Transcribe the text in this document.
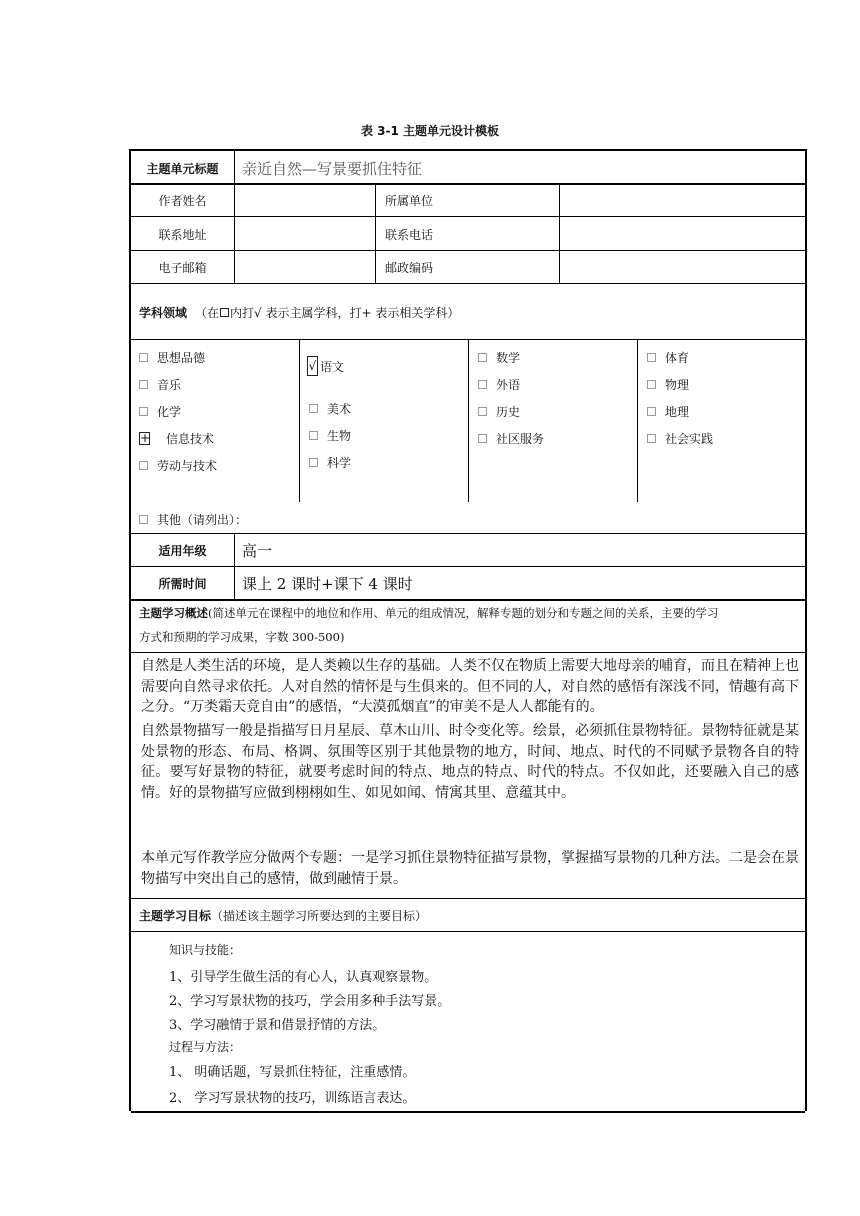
表 3-1 主题单元设计模板
主题单元标题	亲近自然—写景要抓住特征
作者姓名	所属单位
联系地址	联系电话
电子邮箱	邮政编码
学科领域 （在 内打√ 表示主属学科，打+ 表示相关学科）
思想品德
音乐
化学
+ 信息技术
劳动与技术
√ 语文
美术
生物
科学
数学
外语
历史
社区服务
体育
物理
地理
社会实践
其他（请列出）：
适用年级	高一
所需时间	课上 2 课时+课下 4 课时
主题学习概述(简述单元在课程中的地位和作用、单元的组成情况，解释专题的划分和专题之间的关系，主要的学习
方式和预期的学习成果，字数 300-500)
自然是人类生活的环境，是人类赖以生存的基础。人类不仅在物质上需要大地母亲的哺育，而且在精神上也需要向自然寻求依托。人对自然的情怀是与生俱来的。但不同的人，对自然的感悟有深浅不同，情趣有高下之分。“万类霜天竞自由”的感悟，“大漠孤烟直”的审美不是人人都能有的。
自然景物描写一般是指描写日月星辰、草木山川、时令变化等。绘景，必须抓住景物特征。景物特征就是某处景物的形态、布局、格调、氛围等区别于其他景物的地方，时间、地点、时代的不同赋予景物各自的特征。要写好景物的特征，就要考虑时间的特点、地点的特点、时代的特点。不仅如此，还要融入自己的感情。好的景物描写应做到栩栩如生、如见如闻、情寓其里、意蕴其中。
本单元写作教学应分做两个专题：一是学习抓住景物特征描写景物，掌握描写景物的几种方法。二是会在景物描写中突出自己的感情，做到融情于景。
主题学习目标 （描述该主题学习所要达到的主要目标）
知识与技能：
1、引导学生做生活的有心人，认真观察景物。
2、学习写景状物的技巧，学会用多种手法写景。
3、学习融情于景和借景抒情的方法。
过程与方法：
1、 明确话题，写景抓住特征，注重感情。
2、 学习写景状物的技巧，训练语言表达。
